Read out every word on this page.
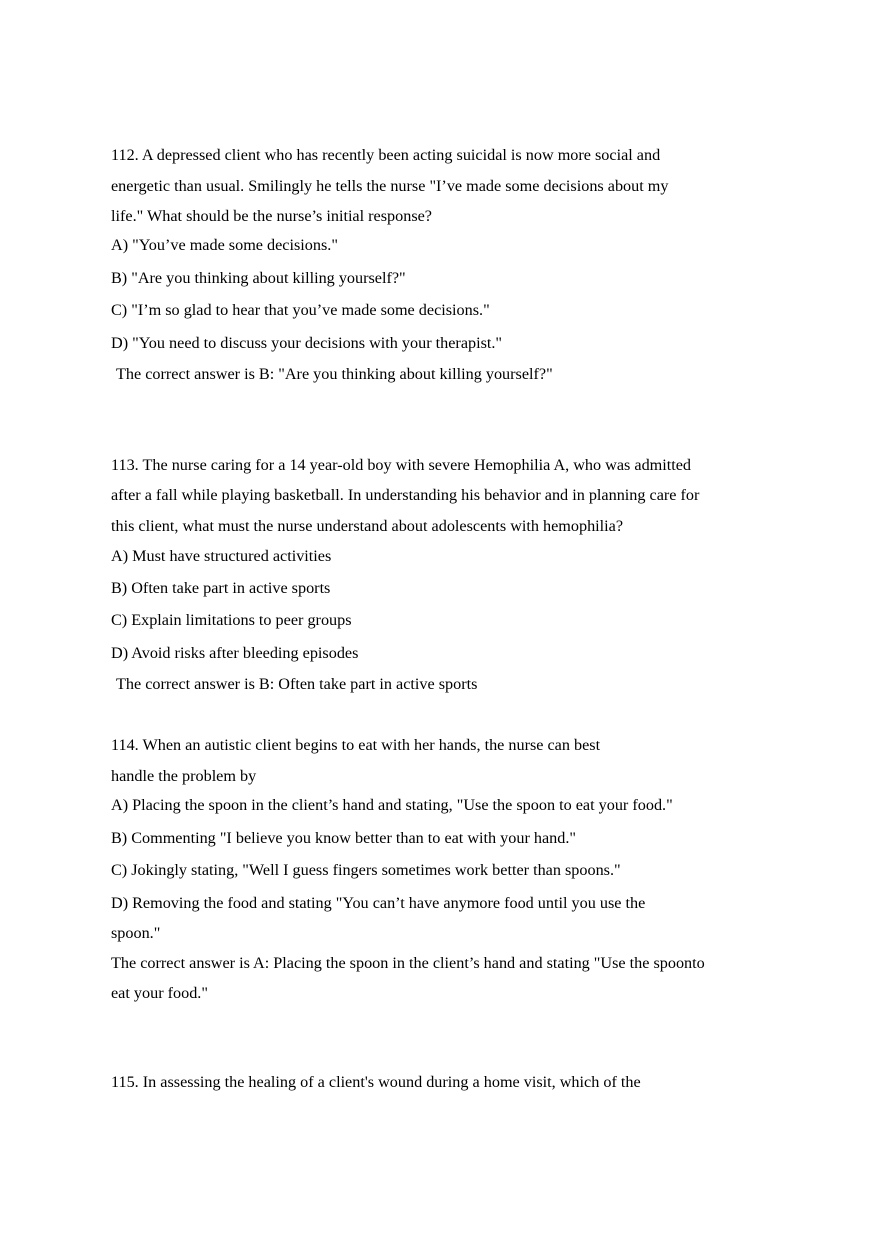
112. A depressed client who has recently been acting suicidal is now more social and
energetic than usual. Smilingly he tells the nurse "I’ve made some decisions about my
life." What should be the nurse’s initial response?
A) "You’ve made some decisions."
B) "Are you thinking about killing yourself?"
C) "I’m so glad to hear that you’ve made some decisions."
D) "You need to discuss your decisions with your therapist."
The correct answer is B: "Are you thinking about killing yourself?"
113. The nurse caring for a 14 year-old boy with severe Hemophilia A, who was admitted
after a fall while playing basketball. In understanding his behavior and in planning care for
this client, what must the nurse understand about adolescents with hemophilia?
A) Must have structured activities
B) Often take part in active sports
C) Explain limitations to peer groups
D) Avoid risks after bleeding episodes
The correct answer is B: Often take part in active sports
114. When an autistic client begins to eat with her hands, the nurse can best
handle the problem by
A) Placing the spoon in the client’s hand and stating, "Use the spoon to eat your food."
B) Commenting "I believe you know better than to eat with your hand."
C) Jokingly stating, "Well I guess fingers sometimes work better than spoons."
D) Removing the food and stating "You can’t have anymore food until you use the
spoon."
The correct answer is A: Placing the spoon in the client’s hand and stating "Use the spoonto
eat your food."
115. In assessing the healing of a client's wound during a home visit, which of the
